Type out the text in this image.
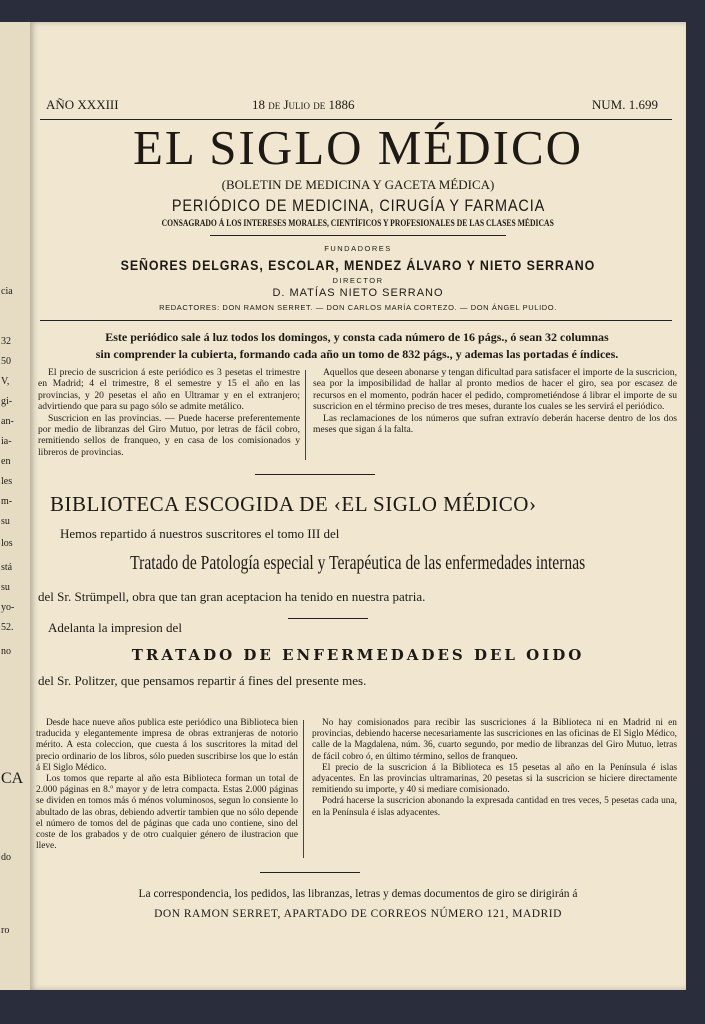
cia
32
50
V,
gi-
an-
ia-
en
les
m-
su
los
stá
su
yo-
52.
no
CA
do
ro
AÑO XXXIII	18 de Julio de 1886	NUM. 1.699
EL SIGLO MÉDICO
(BOLETIN DE MEDICINA Y GACETA MÉDICA)
PERIÓDICO DE MEDICINA, CIRUGÍA Y FARMACIA
CONSAGRADO Á LOS INTERESES MORALES, CIENTÍFICOS Y PROFESIONALES DE LAS CLASES MÉDICAS
FUNDADORES
SEÑORES DELGRAS, ESCOLAR, MENDEZ ÁLVARO Y NIETO SERRANO
DIRECTOR
D. MATÍAS NIETO SERRANO
REDACTORES: DON RAMON SERRET. — DON CARLOS MARÍA CORTEZO. — DON ÁNGEL PULIDO.
Este periódico sale á luz todos los domingos, y consta cada número de 16 págs., ó sean 32 columnas
sin comprender la cubierta, formando cada año un tomo de 832 págs., y ademas las portadas é índices.

El precio de suscricion á este periódico es 3 pesetas el trimestre en Madrid; 4 el trimestre, 8 el semestre y 15 el año en las provincias, y 20 pesetas el año en Ultramar y en el extranjero; advirtiendo que para su pago sólo se admite metálico.

Suscricion en las provincias. — Puede hacerse preferentemente por medio de libranzas del Giro Mutuo, por letras de fácil cobro, remitiendo sellos de franqueo, y en casa de los comisionados y libreros de provincias.

Aquellos que deseen abonarse y tengan dificultad para satisfacer el importe de la suscricion, sea por la imposibilidad de hallar al pronto medios de hacer el giro, sea por escasez de recursos en el momento, podrán hacer el pedido, comprometiéndose á librar el importe de su suscricion en el término preciso de tres meses, durante los cuales se les servirá el periódico.

Las reclamaciones de los números que sufran extravío deberán hacerse dentro de los dos meses que sigan á la falta.

BIBLIOTECA ESCOGIDA DE ‹EL SIGLO MÉDICO›
Hemos repartido á nuestros suscritores el tomo III del
Tratado de Patología especial y Terapéutica de las enfermedades internas
del Sr. Strümpell, obra que tan gran aceptacion ha tenido en nuestra patria.
Adelanta la impresion del
TRATADO DE ENFERMEDADES DEL OIDO
del Sr. Politzer, que pensamos repartir á fines del presente mes.

Desde hace nueve años publica este periódico una Biblioteca bien traducida y elegantemente impresa de obras extranjeras de notorio mérito. A esta coleccion, que cuesta á los suscritores la mitad del precio ordinario de los libros, sólo pueden suscribirse los que lo están á El Siglo Médico.

Los tomos que reparte al año esta Biblioteca forman un total de 2.000 páginas en 8.º mayor y de letra compacta. Estas 2.000 páginas se dividen en tomos más ó ménos voluminosos, segun lo consiente lo abultado de las obras, debiendo advertir tambien que no sólo depende el número de tomos del de páginas que cada uno contiene, sino del coste de los grabados y de otro cualquier género de ilustracion que lleve.

No hay comisionados para recibir las suscriciones á la Biblioteca ni en Madrid ni en provincias, debiendo hacerse necesariamente las suscriciones en las oficinas de El Siglo Médico, calle de la Magdalena, núm. 36, cuarto segundo, por medio de libranzas del Giro Mutuo, letras de fácil cobro ó, en último término, sellos de franqueo.

El precio de la suscricion á la Biblioteca es 15 pesetas al año en la Península é islas adyacentes. En las provincias ultramarinas, 20 pesetas si la suscricion se hiciere directamente remitiendo su importe, y 40 si mediare comisionado.

Podrá hacerse la suscricion abonando la expresada cantidad en tres veces, 5 pesetas cada una, en la Península é islas adyacentes.

La correspondencia, los pedidos, las libranzas, letras y demas documentos de giro se dirigirán á
DON RAMON SERRET, APARTADO DE CORREOS NÚMERO 121, MADRID
